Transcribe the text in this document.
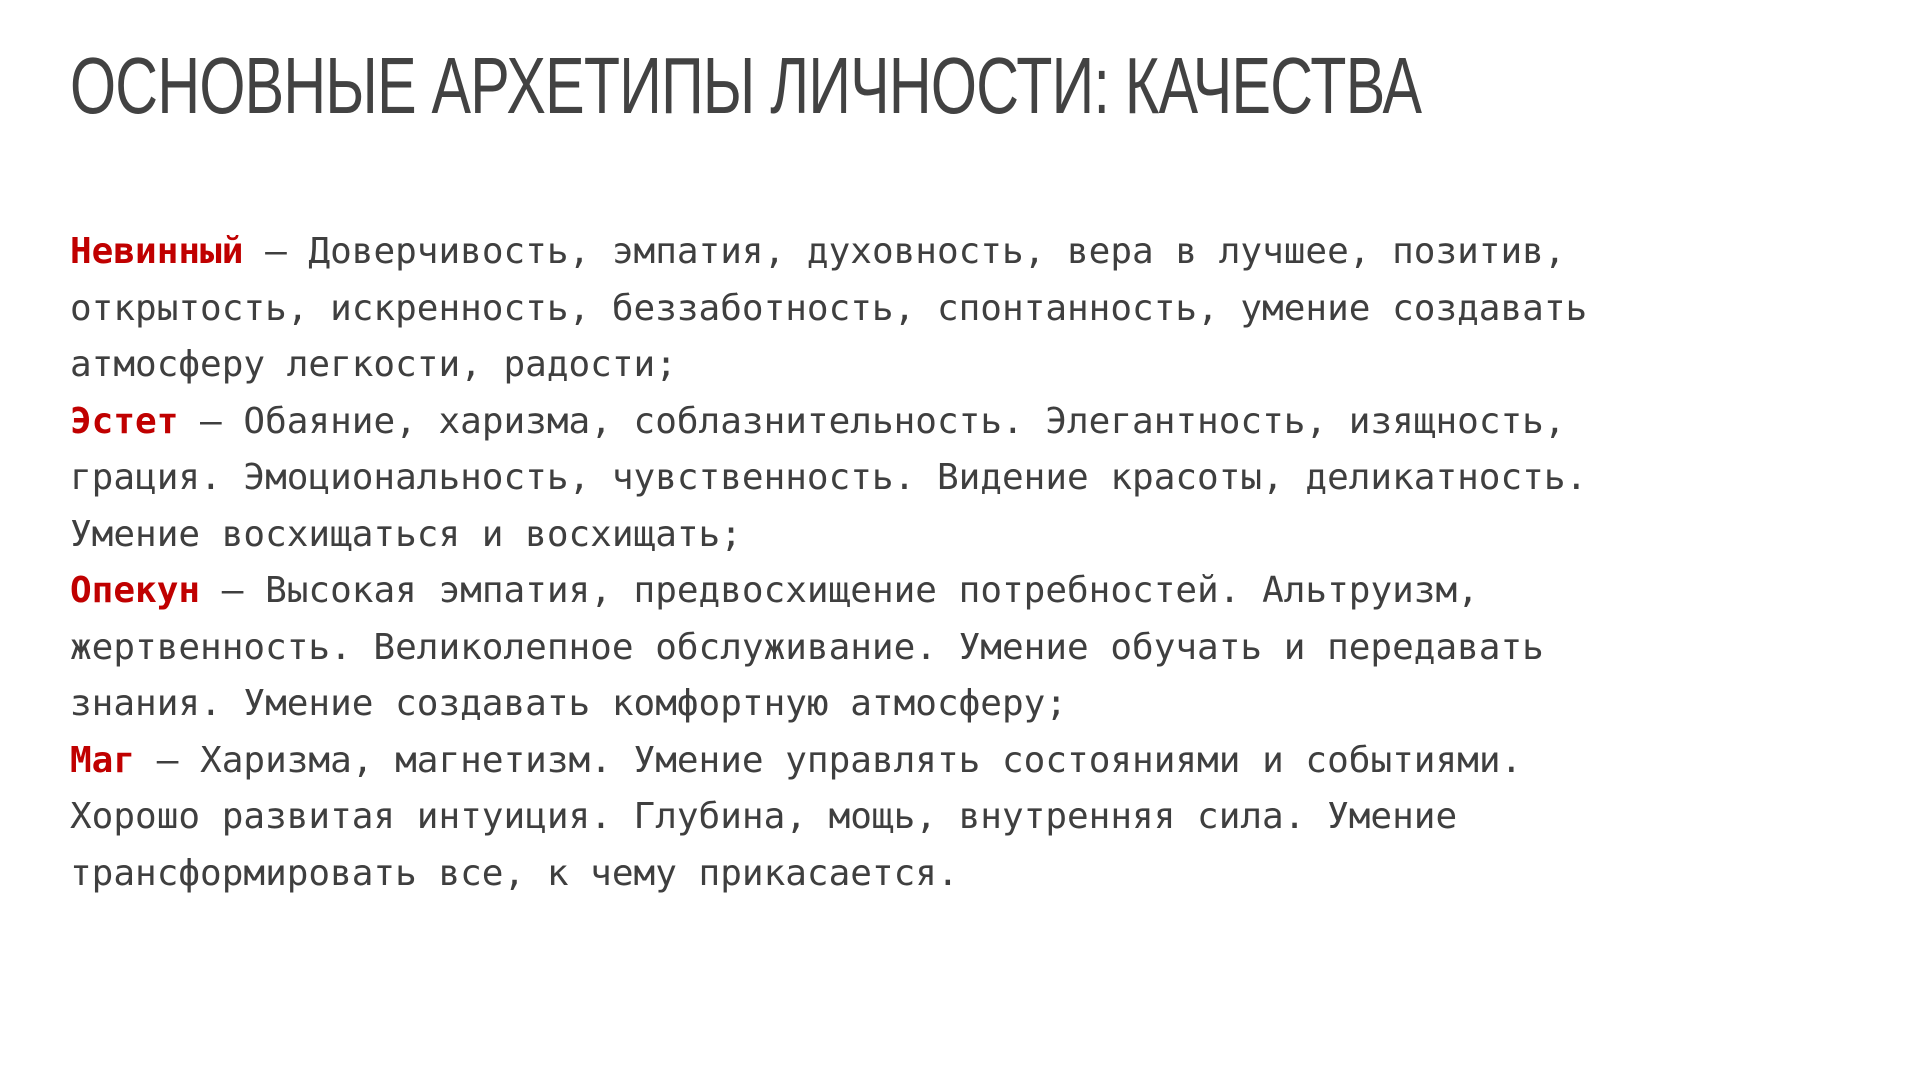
ОСНОВНЫЕ АРХЕТИПЫ ЛИЧНОСТИ: КАЧЕСТВА
Невинный – Доверчивость, эмпатия, духовность, вера в лучшее, позитив,
открытость, искренность, беззаботность, спонтанность, умение создавать
атмосферу легкости, радости;
Эстет – Обаяние, харизма, соблазнительность. Элегантность, изящность,
грация. Эмоциональность, чувственность. Видение красоты, деликатность.
Умение восхищаться и восхищать;
Опекун – Высокая эмпатия, предвосхищение потребностей. Альтруизм,
жертвенность. Великолепное обслуживание. Умение обучать и передавать
знания. Умение создавать комфортную атмосферу;
Маг – Харизма, магнетизм. Умение управлять состояниями и событиями.
Хорошо развитая интуиция. Глубина, мощь, внутренняя сила. Умение
трансформировать все, к чему прикасается.
